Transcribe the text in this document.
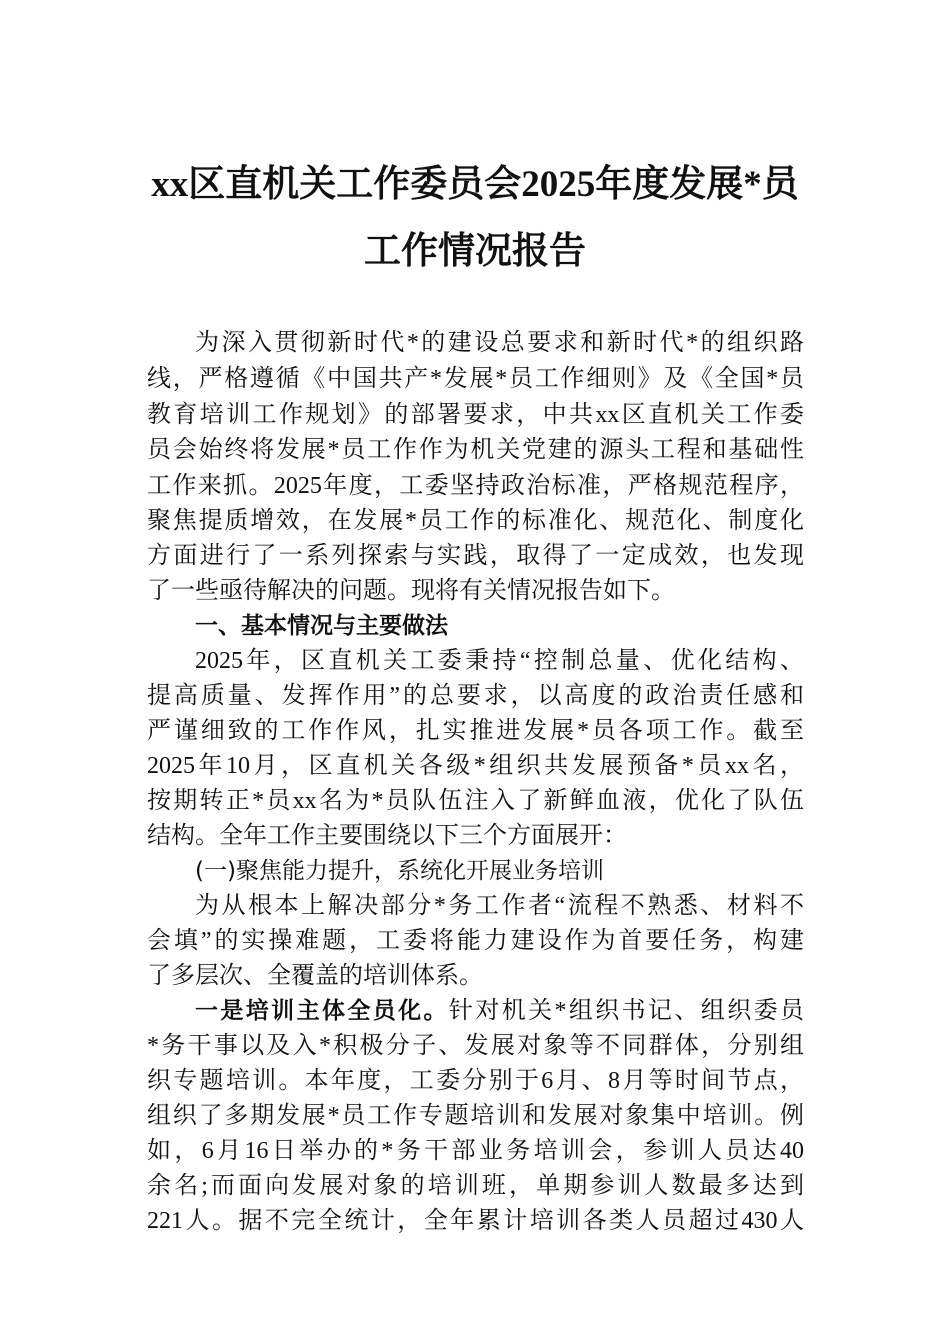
xx区直机关工作委员会2025年度发展*员
工作情况报告
为深入贯彻新时代*的建设总要求和新时代*的组织路
线，严格遵循《中国共产*发展*员工作细则》及《全国*员
教育培训工作规划》的部署要求，中共xx区直机关工作委
员会始终将发展*员工作作为机关党建的源头工程和基础性
工作来抓。2025年度，工委坚持政治标准，严格规范程序，
聚焦提质增效，在发展*员工作的标准化、规范化、制度化
方面进行了一系列探索与实践，取得了一定成效，也发现
了一些亟待解决的问题。现将有关情况报告如下。
一、基本情况与主要做法
2025年，区直机关工委秉持“控制总量、优化结构、
提高质量、发挥作用”的总要求，以高度的政治责任感和
严谨细致的工作作风，扎实推进发展*员各项工作。截至
2025年10月，区直机关各级*组织共发展预备*员xx名，
按期转正*员xx名为*员队伍注入了新鲜血液，优化了队伍
结构。全年工作主要围绕以下三个方面展开：
(一)聚焦能力提升，系统化开展业务培训
为从根本上解决部分*务工作者“流程不熟悉、材料不
会填”的实操难题，工委将能力建设作为首要任务，构建
了多层次、全覆盖的培训体系。
一是培训主体全员化。针对机关*组织书记、组织委员
*务干事以及入*积极分子、发展对象等不同群体，分别组
织专题培训。本年度，工委分别于6月、8月等时间节点，
组织了多期发展*员工作专题培训和发展对象集中培训。例
如，6月16日举办的*务干部业务培训会，参训人员达40
余名;而面向发展对象的培训班，单期参训人数最多达到
221人。据不完全统计，全年累计培训各类人员超过430人
